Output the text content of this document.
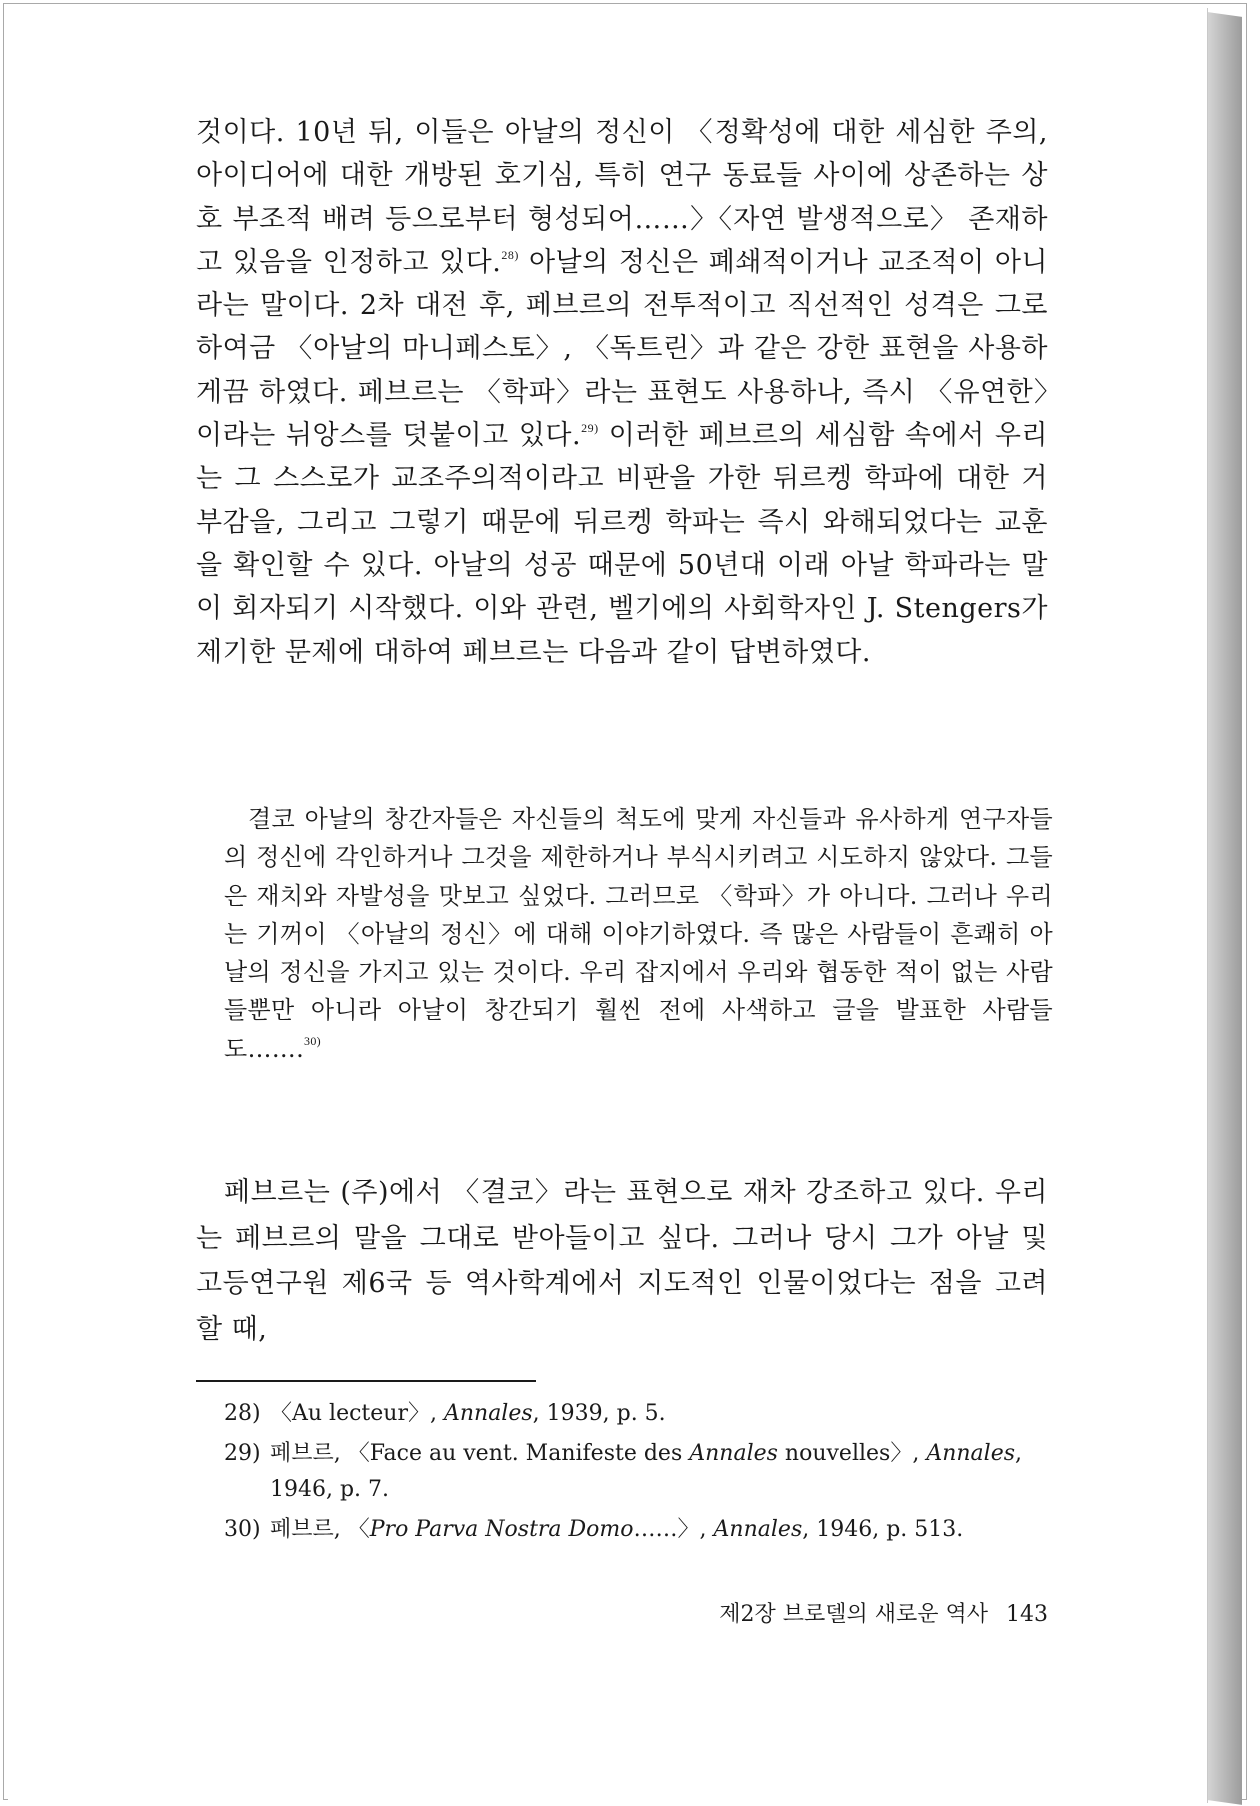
것이다. 10년 뒤, 이들은 아날의 정신이 〈정확성에 대한 세심한 주의, 아이디어에 대한 개방된 호기심, 특히 연구 동료들 사이에 상존하는 상호 부조적 배려 등으로부터 형성되어……〉〈자연 발생적으로〉 존재하고 있음을 인정하고 있다.$^{28)}$ 아날의 정신은 폐쇄적이거나 교조적이 아니라는 말이다. 2차 대전 후, 페브르의 전투적이고 직선적인 성격은 그로 하여금 〈아날의 마니페스토〉, 〈독트린〉과 같은 강한 표현을 사용하게끔 하였다. 페브르는 〈학파〉라는 표현도 사용하나, 즉시 〈유연한〉이라는 뉘앙스를 덧붙이고 있다.$^{29)}$ 이러한 페브르의 세심함 속에서 우리는 그 스스로가 교조주의적이라고 비판을 가한 뒤르켕 학파에 대한 거부감을, 그리고 그렇기 때문에 뒤르켕 학파는 즉시 와해되었다는 교훈을 확인할 수 있다. 아날의 성공 때문에 50년대 이래 아날 학파라는 말이 회자되기 시작했다. 이와 관련, 벨기에의 사회학자인 J. Stengers가 제기한 문제에 대하여 페브르는 다음과 같이 답변하였다.

결코 아날의 창간자들은 자신들의 척도에 맞게 자신들과 유사하게 연구자들의 정신에 각인하거나 그것을 제한하거나 부식시키려고 시도하지 않았다. 그들은 재치와 자발성을 맛보고 싶었다. 그러므로 〈학파〉가 아니다. 그러나 우리는 기꺼이 〈아날의 정신〉에 대해 이야기하였다. 즉 많은 사람들이 흔쾌히 아날의 정신을 가지고 있는 것이다. 우리 잡지에서 우리와 협동한 적이 없는 사람들뿐만 아니라 아날이 창간되기 훨씬 전에 사색하고 글을 발표한 사람들도…….$^{30)}$

페브르는 (주)에서 〈결코〉라는 표현으로 재차 강조하고 있다. 우리는 페브르의 말을 그대로 받아들이고 싶다. 그러나 당시 그가 아날 및 고등연구원 제6국 등 역사학계에서 지도적인 인물이었다는 점을 고려할 때,

28) 〈Au lecteur〉, Annales, 1939, p. 5.

29) 페브르, 〈Face au vent. Manifeste des Annales nouvelles〉, Annales, 1946, p. 7.

30) 페브르, 〈Pro Parva Nostra Domo……〉, Annales, 1946, p. 513.

제2장 브로델의 새로운 역사 143
